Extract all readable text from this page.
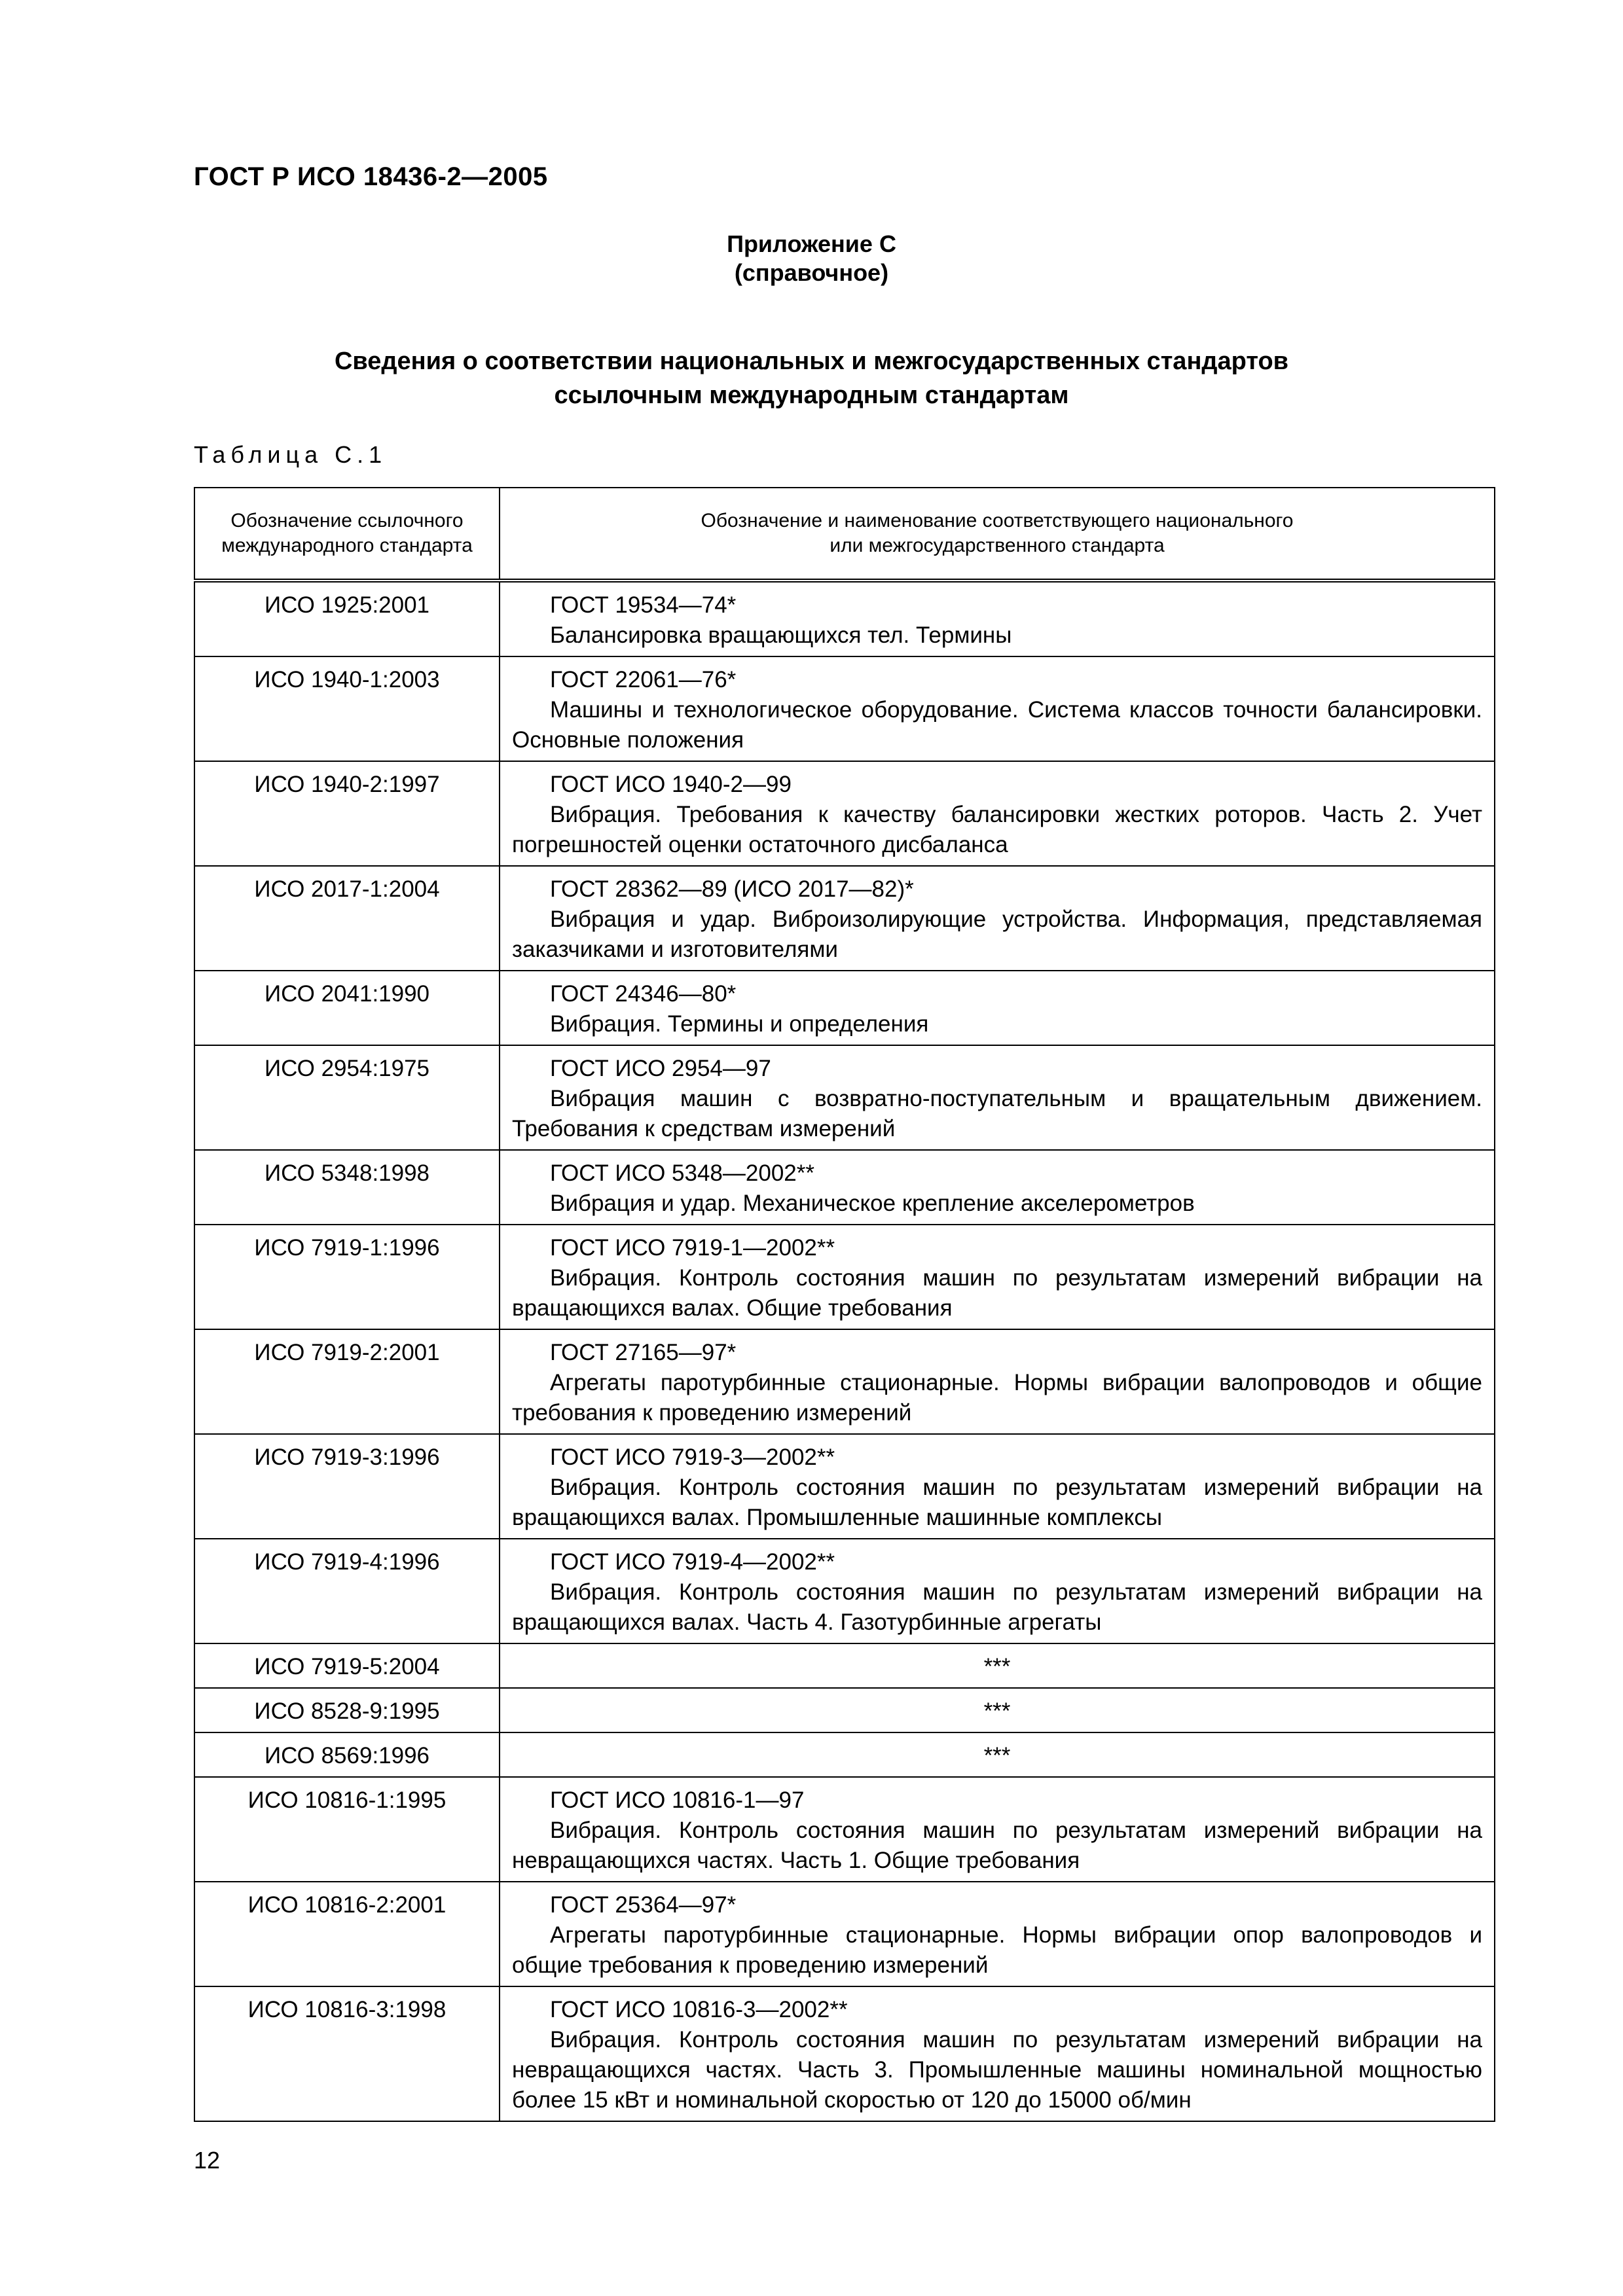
ГОСТ Р ИСО 18436-2—2005
Приложение С
(справочное)
Сведения о соответствии национальных и межгосударственных стандартов
ссылочным международным стандартам
Таблица С.1
Обозначение ссылочного международного стандарта	Обозначение и наименование соответствующего национального
или межгосударственного стандарта

ИСО 1925:2001	ГОСТ 19534—74*
Балансировка вращающихся тел. Термины

ИСО 1940-1:2003	ГОСТ 22061—76*
Машины и технологическое оборудование. Система классов точности балансировки. Основные положения

ИСО 1940-2:1997	ГОСТ ИСО 1940-2—99
Вибрация. Требования к качеству балансировки жестких роторов. Часть 2. Учет погрешностей оценки остаточного дисбаланса

ИСО 2017-1:2004	ГОСТ 28362—89 (ИСО 2017—82)*
Вибрация и удар. Виброизолирующие устройства. Информация, представляемая заказчиками и изготовителями

ИСО 2041:1990	ГОСТ 24346—80*
Вибрация. Термины и определения

ИСО 2954:1975	ГОСТ ИСО 2954—97
Вибрация машин с возвратно-поступательным и вращательным движением. Требования к средствам измерений

ИСО 5348:1998	ГОСТ ИСО 5348—2002**
Вибрация и удар. Механическое крепление акселерометров

ИСО 7919-1:1996	ГОСТ ИСО 7919-1—2002**
Вибрация. Контроль состояния машин по результатам измерений вибрации на вращающихся валах. Общие требования

ИСО 7919-2:2001	ГОСТ 27165—97*
Агрегаты паротурбинные стационарные. Нормы вибрации валопроводов и общие требования к проведению измерений

ИСО 7919-3:1996	ГОСТ ИСО 7919-3—2002**
Вибрация. Контроль состояния машин по результатам измерений вибрации на вращающихся валах. Промышленные машинные комплексы

ИСО 7919-4:1996	ГОСТ ИСО 7919-4—2002**
Вибрация. Контроль состояния машин по результатам измерений вибрации на вращающихся валах. Часть 4. Газотурбинные агрегаты

ИСО 7919-5:2004	***

ИСО 8528-9:1995	***

ИСО 8569:1996	***

ИСО 10816-1:1995	ГОСТ ИСО 10816-1—97
Вибрация. Контроль состояния машин по результатам измерений вибрации на невращающихся частях. Часть 1. Общие требования

ИСО 10816-2:2001	ГОСТ 25364—97*
Агрегаты паротурбинные стационарные. Нормы вибрации опор валопроводов и общие требования к проведению измерений

ИСО 10816-3:1998	ГОСТ ИСО 10816-3—2002**
Вибрация. Контроль состояния машин по результатам измерений вибрации на невращающихся частях. Часть 3. Промышленные машины номинальной мощностью более 15 кВт и номинальной скоростью от 120 до 15000 об/мин
12
